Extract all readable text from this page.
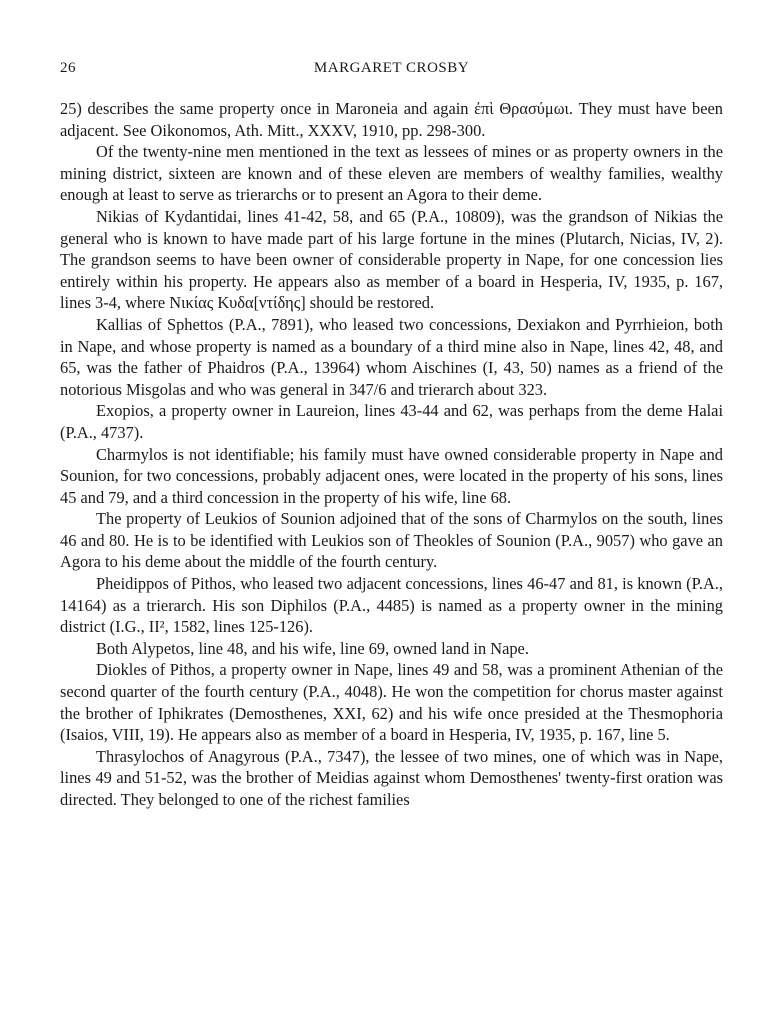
26	MARGARET CROSBY

25) describes the same property once in Maroneia and again ἐπὶ Θρασύμωι. They must have been adjacent. See Oikonomos, Ath. Mitt., XXXV, 1910, pp. 298-300.

Of the twenty-nine men mentioned in the text as lessees of mines or as property owners in the mining district, sixteen are known and of these eleven are members of wealthy families, wealthy enough at least to serve as trierarchs or to present an Agora to their deme.

Nikias of Kydantidai, lines 41-42, 58, and 65 (P.A., 10809), was the grandson of Nikias the general who is known to have made part of his large fortune in the mines (Plutarch, Nicias, IV, 2). The grandson seems to have been owner of considerable property in Nape, for one concession lies entirely within his property. He appears also as member of a board in Hesperia, IV, 1935, p. 167, lines 3-4, where Νικίας Κυδα[ντίδης] should be restored.

Kallias of Sphettos (P.A., 7891), who leased two concessions, Dexiakon and Pyrrhieion, both in Nape, and whose property is named as a boundary of a third mine also in Nape, lines 42, 48, and 65, was the father of Phaidros (P.A., 13964) whom Aischines (I, 43, 50) names as a friend of the notorious Misgolas and who was general in 347/6 and trierarch about 323.

Exopios, a property owner in Laureion, lines 43-44 and 62, was perhaps from the deme Halai (P.A., 4737).

Charmylos is not identifiable; his family must have owned considerable property in Nape and Sounion, for two concessions, probably adjacent ones, were located in the property of his sons, lines 45 and 79, and a third concession in the property of his wife, line 68.

The property of Leukios of Sounion adjoined that of the sons of Charmylos on the south, lines 46 and 80. He is to be identified with Leukios son of Theokles of Sounion (P.A., 9057) who gave an Agora to his deme about the middle of the fourth century.

Pheidippos of Pithos, who leased two adjacent concessions, lines 46-47 and 81, is known (P.A., 14164) as a trierarch. His son Diphilos (P.A., 4485) is named as a property owner in the mining district (I.G., II², 1582, lines 125-126).

Both Alypetos, line 48, and his wife, line 69, owned land in Nape.

Diokles of Pithos, a property owner in Nape, lines 49 and 58, was a prominent Athenian of the second quarter of the fourth century (P.A., 4048). He won the competition for chorus master against the brother of Iphikrates (Demosthenes, XXI, 62) and his wife once presided at the Thesmophoria (Isaios, VIII, 19). He appears also as member of a board in Hesperia, IV, 1935, p. 167, line 5.

Thrasylochos of Anagyrous (P.A., 7347), the lessee of two mines, one of which was in Nape, lines 49 and 51-52, was the brother of Meidias against whom Demosthenes' twenty-first oration was directed. They belonged to one of the richest families
